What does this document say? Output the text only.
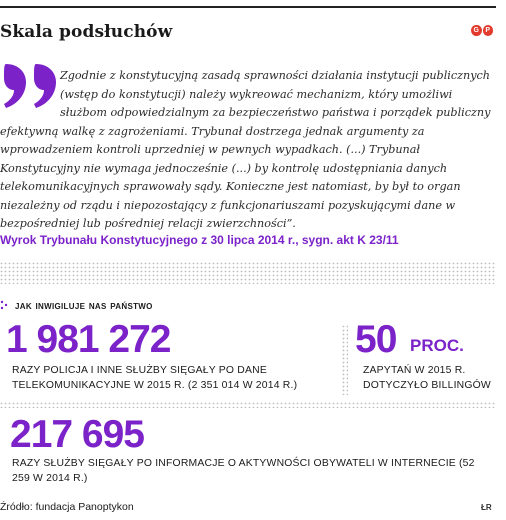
Skala podsłuchów	G P
Zgodnie z konstytucyjną zasadą sprawności działania instytucji publicznych (wstęp do konstytucji) należy wykreować mechanizm, który umożliwi służbom odpowiedzialnym za bezpieczeństwo państwa i porządek publiczny efektywną walkę z zagrożeniami. Trybunał dostrzega jednak argumenty za wprowadzeniem kontroli uprzedniej w pewnych wypadkach. (...) Trybunał Konstytucyjny nie wymaga jednocześnie (...) by kontrolę udostępniania danych telekomunikacyjnych sprawowały sądy. Konieczne jest natomiast, by był to organ niezależny od rządu i niepozostający z funkcjonariuszami pozyskującymi dane w bezpośredniej lub pośredniej relacji zwierzchności”.
Wyrok Trybunału Konstytucyjnego z 30 lipca 2014 r., sygn. akt K 23/11
jak inwigiluje nas państwo
1 981 272
RAZY POLICJA I INNE SŁUŻBY SIĘGAŁY PO DANE TELEKOMUNIKACYJNE W 2015 R. (2 351 014 W 2014 R.)
50 PROC.
ZAPYTAŃ W 2015 R. DOTYCZYŁO BILLINGÓW
217 695
RAZY SŁUŻBY SIĘGAŁY PO INFORMACJE O AKTYWNOŚCI OBYWATELI W INTERNECIE (52 259 W 2014 R.)
Źródło: fundacja Panoptykon	ŁR
